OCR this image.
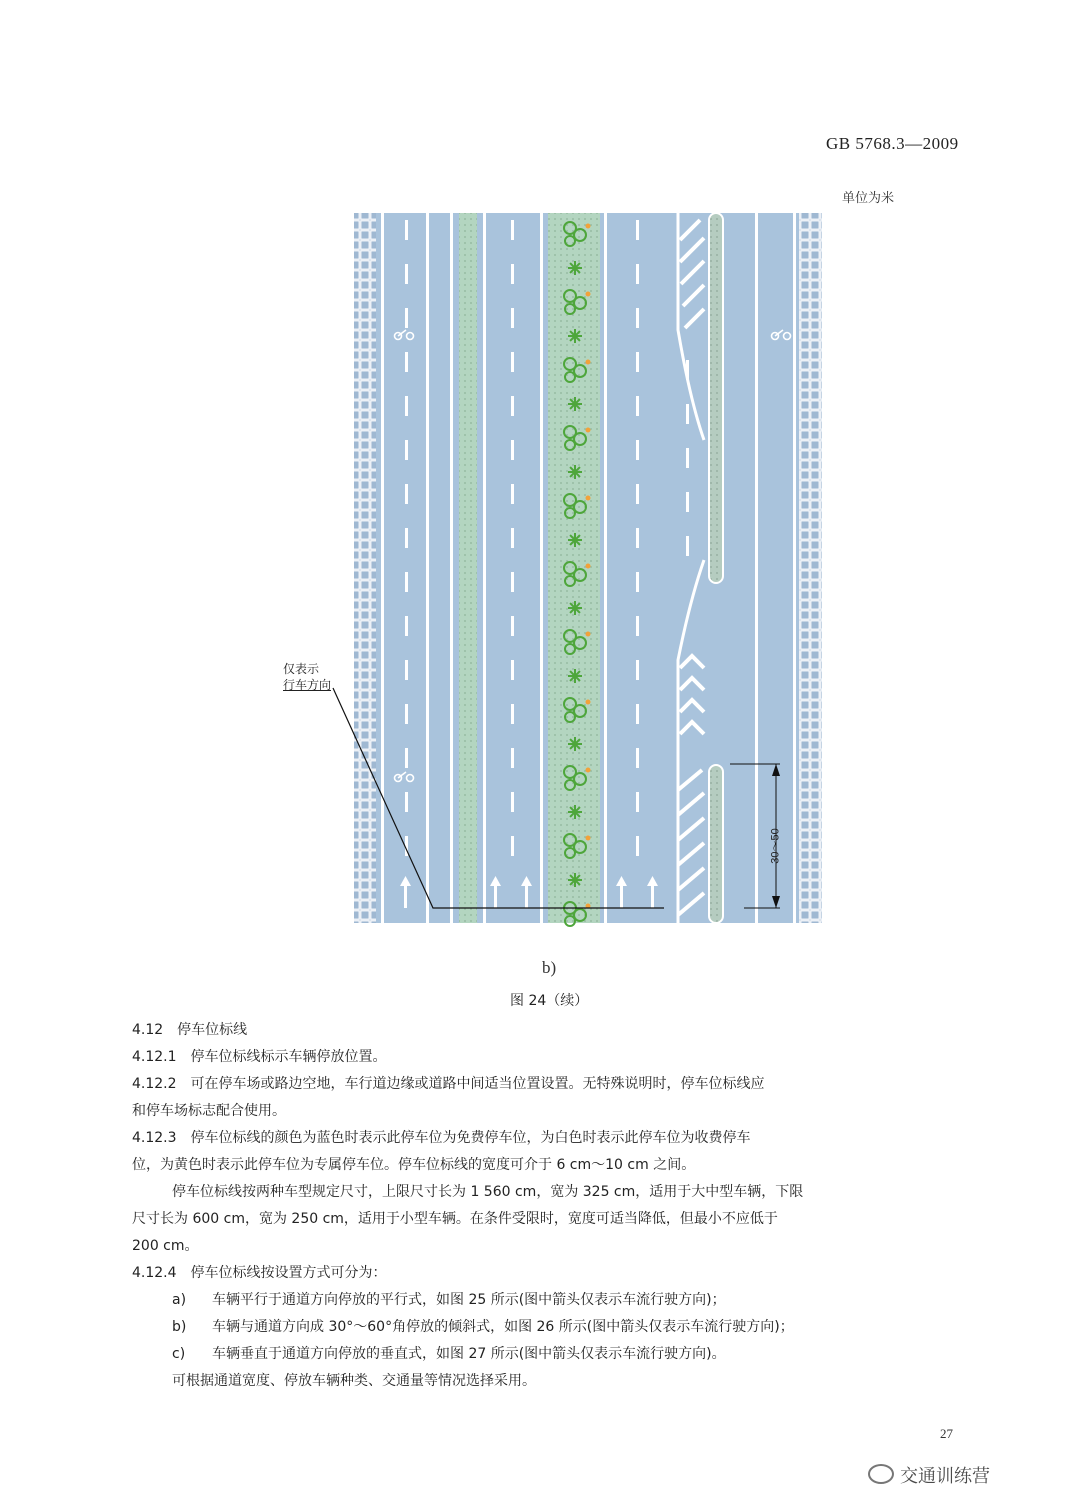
GB 5768.3—2009
单位为米
仅表示
行车方向
30～50
b)
图 24（续）

4.12　停车位标线

4.12.1　停车位标线标示车辆停放位置。

4.12.2　可在停车场或路边空地，车行道边缘或道路中间适当位置设置。无特殊说明时，停车位标线应

和停车场标志配合使用。

4.12.3　停车位标线的颜色为蓝色时表示此停车位为免费停车位，为白色时表示此停车位为收费停车

位，为黄色时表示此停车位为专属停车位。停车位标线的宽度可介于 6 cm～10 cm 之间。

停车位标线按两种车型规定尺寸，上限尺寸长为 1 560 cm，宽为 325 cm，适用于大中型车辆，下限

尺寸长为 600 cm，宽为 250 cm，适用于小型车辆。在条件受限时，宽度可适当降低，但最小不应低于

200 cm。

4.12.4　停车位标线按设置方式可分为：

a) 车辆平行于通道方向停放的平行式，如图 25 所示(图中箭头仅表示车流行驶方向)；

b) 车辆与通道方向成 30°～60°角停放的倾斜式，如图 26 所示(图中箭头仅表示车流行驶方向)；

c) 车辆垂直于通道方向停放的垂直式，如图 27 所示(图中箭头仅表示车流行驶方向)。

可根据通道宽度、停放车辆种类、交通量等情况选择采用。

27
交通训练营
